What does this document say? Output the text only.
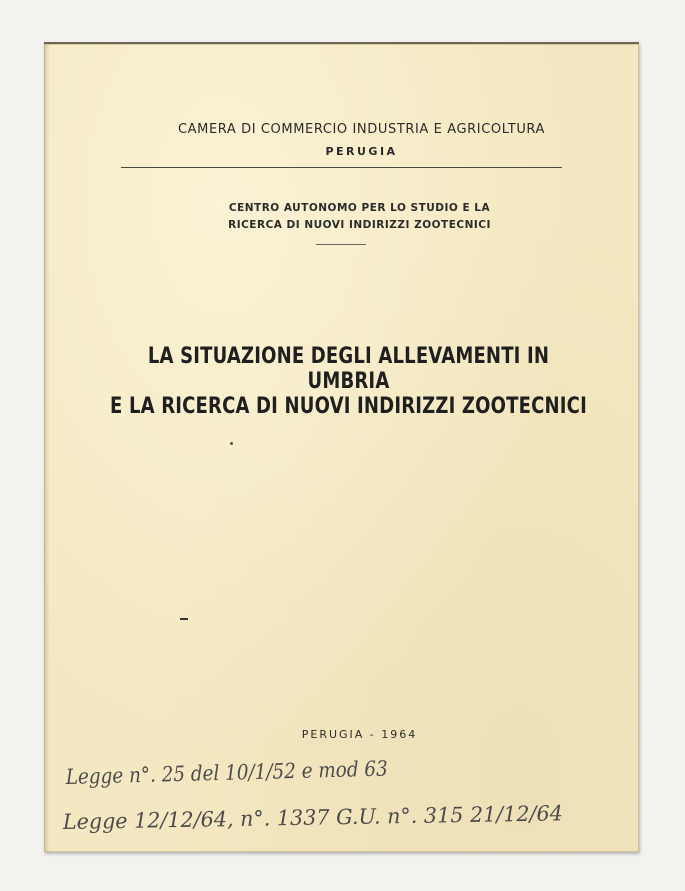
CAMERA DI COMMERCIO INDUSTRIA E AGRICOLTURA
PERUGIA
CENTRO AUTONOMO PER LO STUDIO E LA
RICERCA DI NUOVI INDIRIZZI ZOOTECNICI
LA SITUAZIONE DEGLI ALLEVAMENTI IN UMBRIA
E LA RICERCA DI NUOVI INDIRIZZI ZOOTECNICI
PERUGIA - 1964
Legge n°. 25 del 10/1/52 e mod 63
Legge 12/12/64, n°. 1337 G.U. n°. 315 21/12/64
